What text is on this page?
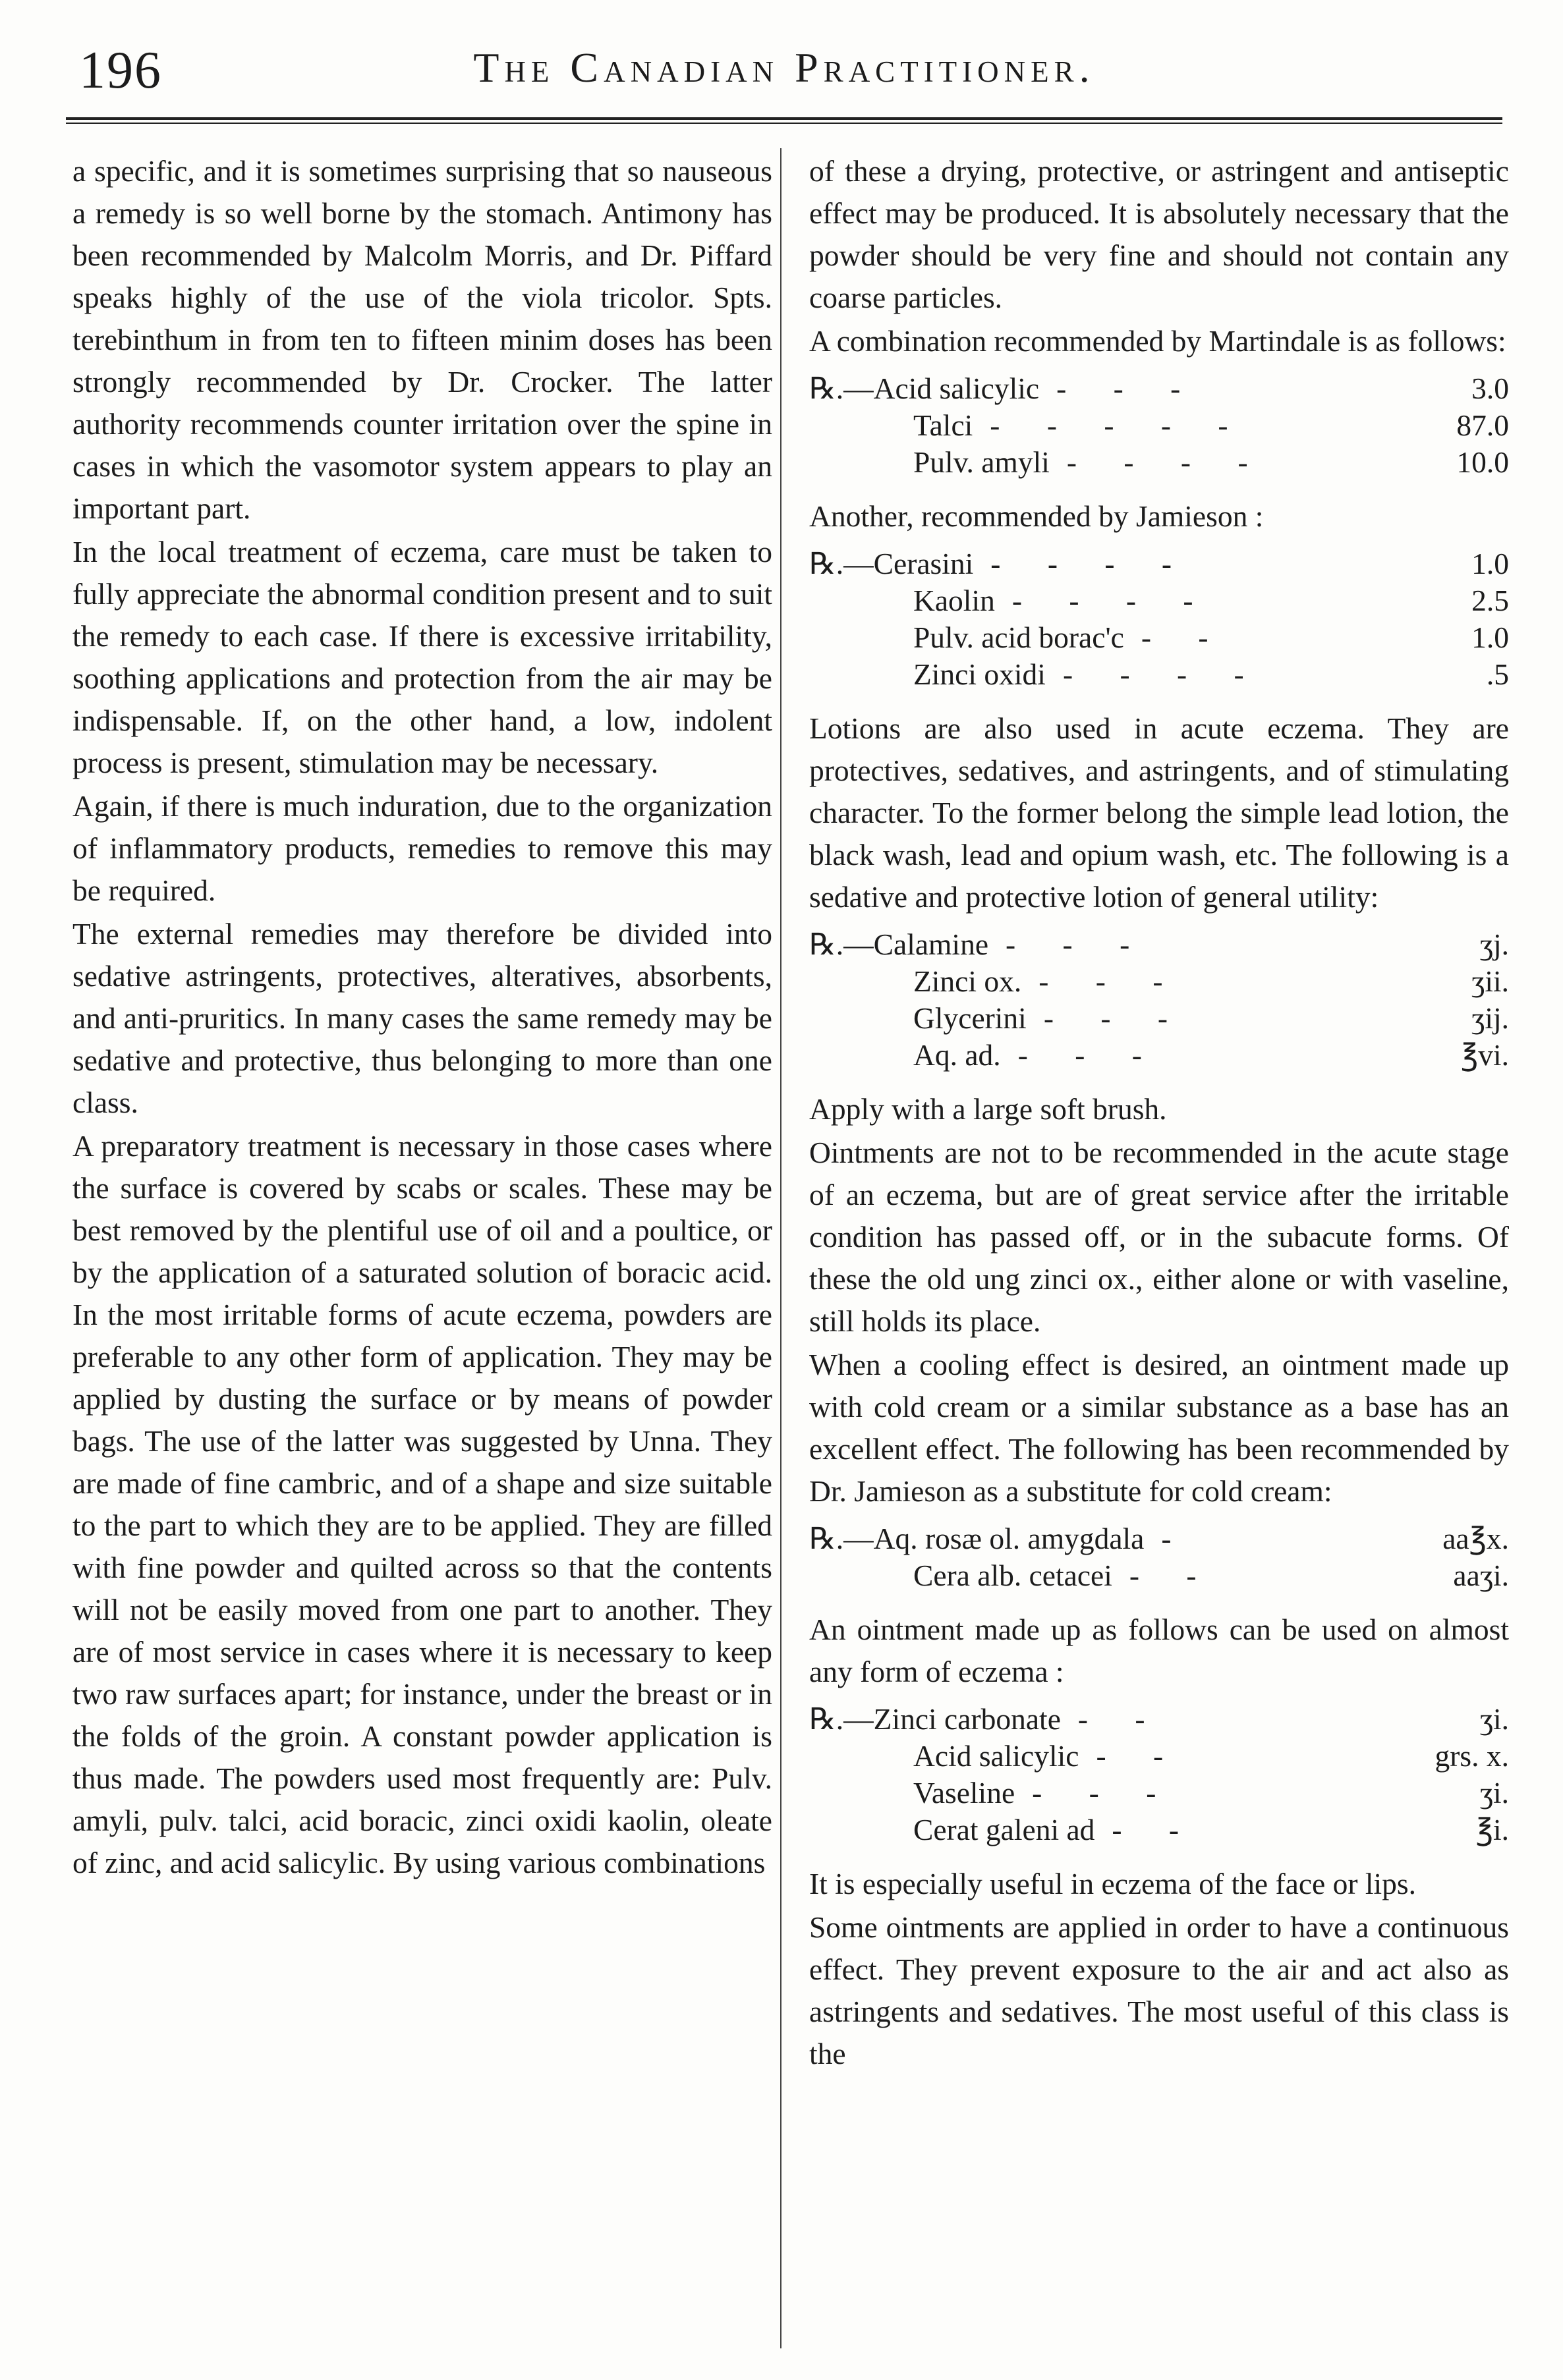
196	The Canadian Practitioner.

a specific, and it is sometimes surprising that so nauseous a remedy is so well borne by the stomach. Antimony has been recommended by Malcolm Morris, and Dr. Piffard speaks highly of the use of the viola tricolor. Spts. terebinthum in from ten to fifteen minim doses has been strongly recommended by Dr. Crocker. The latter authority recommends counter irritation over the spine in cases in which the vasomotor system appears to play an important part.

In the local treatment of eczema, care must be taken to fully appreciate the abnormal condition present and to suit the remedy to each case. If there is excessive irritability, soothing applications and protection from the air may be indispensable. If, on the other hand, a low, indolent process is present, stimulation may be necessary.

Again, if there is much induration, due to the organization of inflammatory products, remedies to remove this may be required.

The external remedies may therefore be divided into sedative astringents, protectives, alteratives, absorbents, and anti-pruritics. In many cases the same remedy may be sedative and protective, thus belonging to more than one class.

A preparatory treatment is necessary in those cases where the surface is covered by scabs or scales. These may be best removed by the plentiful use of oil and a poultice, or by the application of a saturated solution of boracic acid. In the most irritable forms of acute eczema, powders are preferable to any other form of application. They may be applied by dusting the surface or by means of powder bags. The use of the latter was suggested by Unna. They are made of fine cambric, and of a shape and size suitable to the part to which they are to be applied. They are filled with fine powder and quilted across so that the contents will not be easily moved from one part to another. They are of most service in cases where it is necessary to keep two raw surfaces apart; for instance, under the breast or in the folds of the groin. A constant powder application is thus made. The powders used most frequently are: Pulv. amyli, pulv. talci, acid boracic, zinci oxidi kaolin, oleate of zinc, and acid salicylic. By using various combinations

of these a drying, protective, or astringent and antiseptic effect may be produced. It is absolutely necessary that the powder should be very fine and should not contain any coarse particles.

A combination recommended by Martindale is as follows:

℞.—Acid salicylic - - -	3.0
Talci - - - - -	87.0
Pulv. amyli - - - -	10.0

Another, recommended by Jamieson :

℞.—Cerasini - - - -	1.0
Kaolin - - - -	2.5
Pulv. acid borac'c - -	1.0
Zinci oxidi - - - -	.5

Lotions are also used in acute eczema. They are protectives, sedatives, and astringents, and of stimulating character. To the former belong the simple lead lotion, the black wash, lead and opium wash, etc. The following is a sedative and protective lotion of general utility:

℞.—Calamine - - -	ʒj.
Zinci ox. - - -	ʒii.
Glycerini - - -	ʒij.
Aq. ad. - - -	℥vi.

Apply with a large soft brush.

Ointments are not to be recommended in the acute stage of an eczema, but are of great service after the irritable condition has passed off, or in the subacute forms. Of these the old ung zinci ox., either alone or with vaseline, still holds its place.

When a cooling effect is desired, an ointment made up with cold cream or a similar substance as a base has an excellent effect. The following has been recommended by Dr. Jamieson as a substitute for cold cream:

℞.—Aq. rosæ ol. amygdala -	aa℥x.
Cera alb. cetacei - -	aaʒi.

An ointment made up as follows can be used on almost any form of eczema :

℞.—Zinci carbonate - -	ʒi.
Acid salicylic - -	grs. x.
Vaseline - - -	ʒi.
Cerat galeni ad - -	℥i.

It is especially useful in eczema of the face or lips.

Some ointments are applied in order to have a continuous effect. They prevent exposure to the air and act also as astringents and sedatives. The most useful of this class is the
